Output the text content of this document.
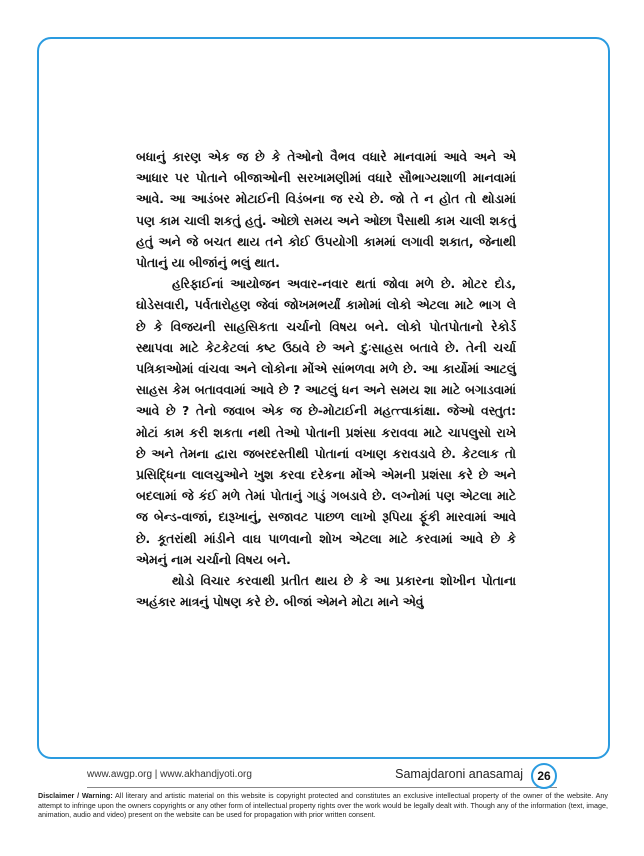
બધાનું કારણ એક જ છે કે તેઓનો વૈભવ વધારે માનવામાં આવે અને એ આધાર પર પોતાને બીજાઓની સરખામણીમાં વધારે સૌભાગ્યશાળી માનવામાં આવે. આ આડંબર મોટાઈની વિડંબના જ રચે છે. જો તે ન હોત તો થોડામાં પણ કામ ચાલી શકતું હતું. ઓછો સમય અને ઓછા પૈસાથી કામ ચાલી શકતું હતું અને જે બચત થાય તને કોઈ ઉપયોગી કામમાં લગાવી શકાત, જેનાથી પોતાનું યા બીજાંનું ભલું થાત.

હરિફાઈનાં આયોજન અવાર-નવાર થતાં જોવા મળે છે. મોટર દોડ, ઘોડેસવારી, પર્વતારોહણ જેવાં જોખમભર્યાં કામોમાં લોકો એટલા માટે ભાગ લે છે કે વિજયની સાહસિકતા ચર્ચાનો વિષય બને. લોકો પોતપોતાનો રેકોર્ડ સ્થાપવા માટે કેટકેટલાં કષ્ટ ઉઠાવે છે અને દુઃસાહસ બતાવે છે. તેની ચર્ચા પત્રિકાઓમાં વાંચવા અને લોકોના મોંએ સાંભળવા મળે છે. આ કાર્યોમાં આટલું સાહસ કેમ બતાવવામાં આવે છે ? આટલું ધન અને સમય શા માટે બગાડવામાં આવે છે ? તેનો જવાબ એક જ છે-મોટાઈની મહત્ત્વાકાંક્ષા. જેઓ વસ્તુત: મોટાં કામ કરી શકતા નથી તેઓ પોતાની પ્રશંસા કરાવવા માટે ચાપલુસો રાખે છે અને તેમના દ્વારા જબરદસ્તીથી પોતાનાં વખાણ કરાવડાવે છે. કેટલાક તો પ્રસિદ્ધિના લાલચુઓને ખુશ કરવા દરેકના મોંએ એમની પ્રશંસા કરે છે અને બદલામાં જે કંઈ મળે તેમાં પોતાનું ગાડું ગબડાવે છે. લગ્નોમાં પણ એટલા માટે જ બેન્ડ-વાજાં, દારૂખાનું, સજાવટ પાછળ લાખો રૂપિયા ફૂંકી મારવામાં આવે છે. કૂતરાંથી માંડીને વાઘ પાળવાનો શોખ એટલા માટે કરવામાં આવે છે કે એમનું નામ ચર્ચાનો વિષય બને.

થોડો વિચાર કરવાથી પ્રતીત થાય છે કે આ પ્રકારના શોખીન પોતાના અહંકાર માત્રનું પોષણ કરે છે. બીજાં એમને મોટા માને એવું

www.awgp.org | www.akhandjyoti.org	Samajdaroni anasamaj	26
Disclaimer / Warning: All literary and artistic material on this website is copyright protected and constitutes an exclusive intellectual property of the owner of the website. Any attempt to infringe upon the owners copyrights or any other form of intellectual property rights over the work would be legally dealt with. Though any of the information (text, image, animation, audio and video) present on the website can be used for propagation with prior written consent.
